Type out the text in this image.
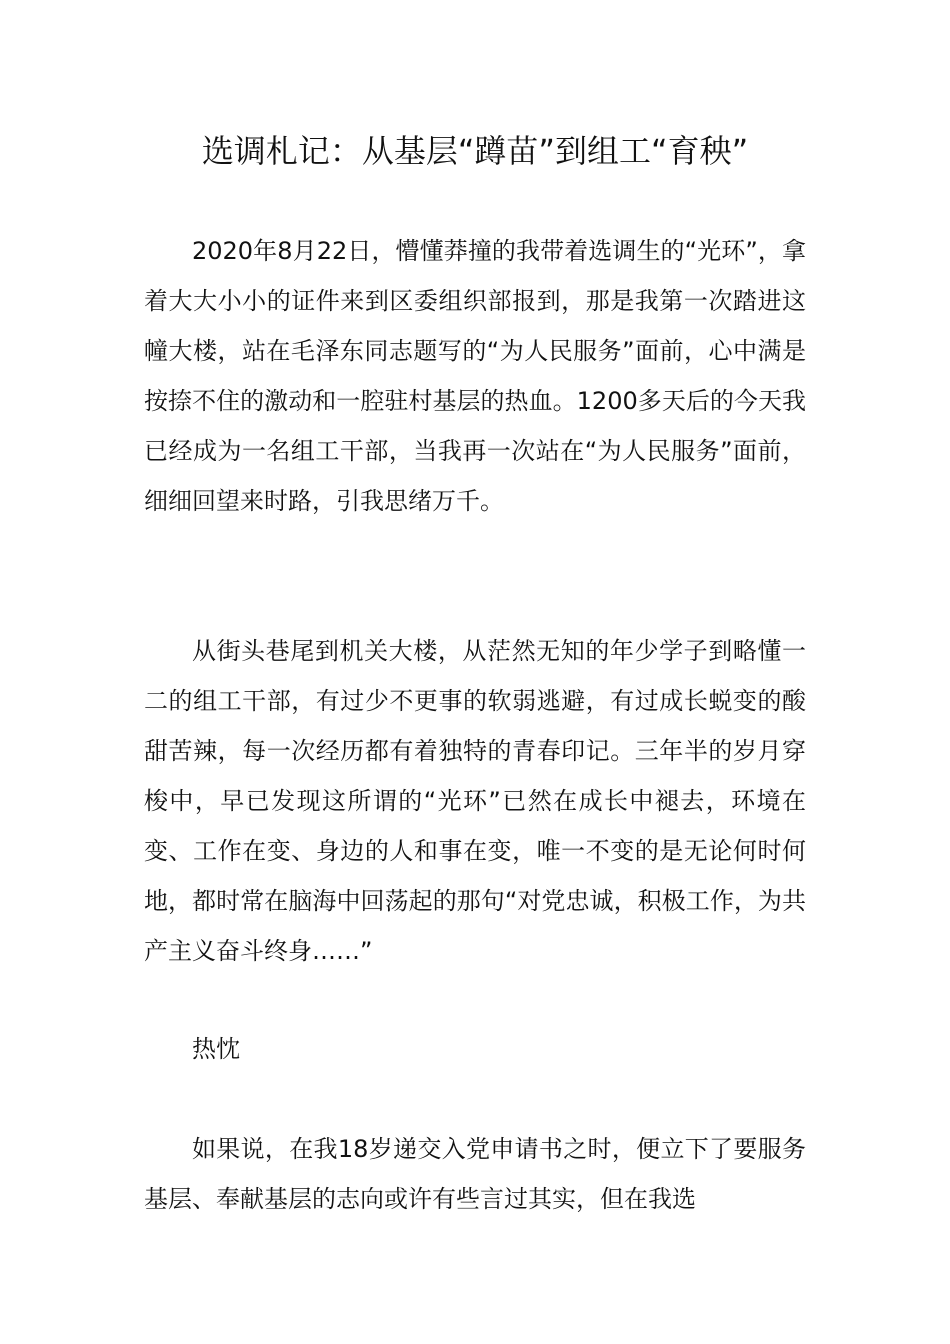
选调札记：从基层“蹲苗”到组工“育秧”

2020年8月22日，懵懂莽撞的我带着选调生的“光环”，拿着大大小小的证件来到区委组织部报到，那是我第一次踏进这幢大楼，站在毛泽东同志题写的“为人民服务”面前，心中满是按捺不住的激动和一腔驻村基层的热血。1200多天后的今天我已经成为一名组工干部，当我再一次站在“为人民服务”面前，细细回望来时路，引我思绪万千。

从街头巷尾到机关大楼，从茫然无知的年少学子到略懂一二的组工干部，有过少不更事的软弱逃避，有过成长蜕变的酸甜苦辣，每一次经历都有着独特的青春印记。三年半的岁月穿梭中，早已发现这所谓的“光环”已然在成长中褪去，环境在变、工作在变、身边的人和事在变，唯一不变的是无论何时何地，都时常在脑海中回荡起的那句“对党忠诚，积极工作，为共产主义奋斗终身……”

热忱

如果说，在我18岁递交入党申请书之时，便立下了要服务基层、奉献基层的志向或许有些言过其实，但在我选
